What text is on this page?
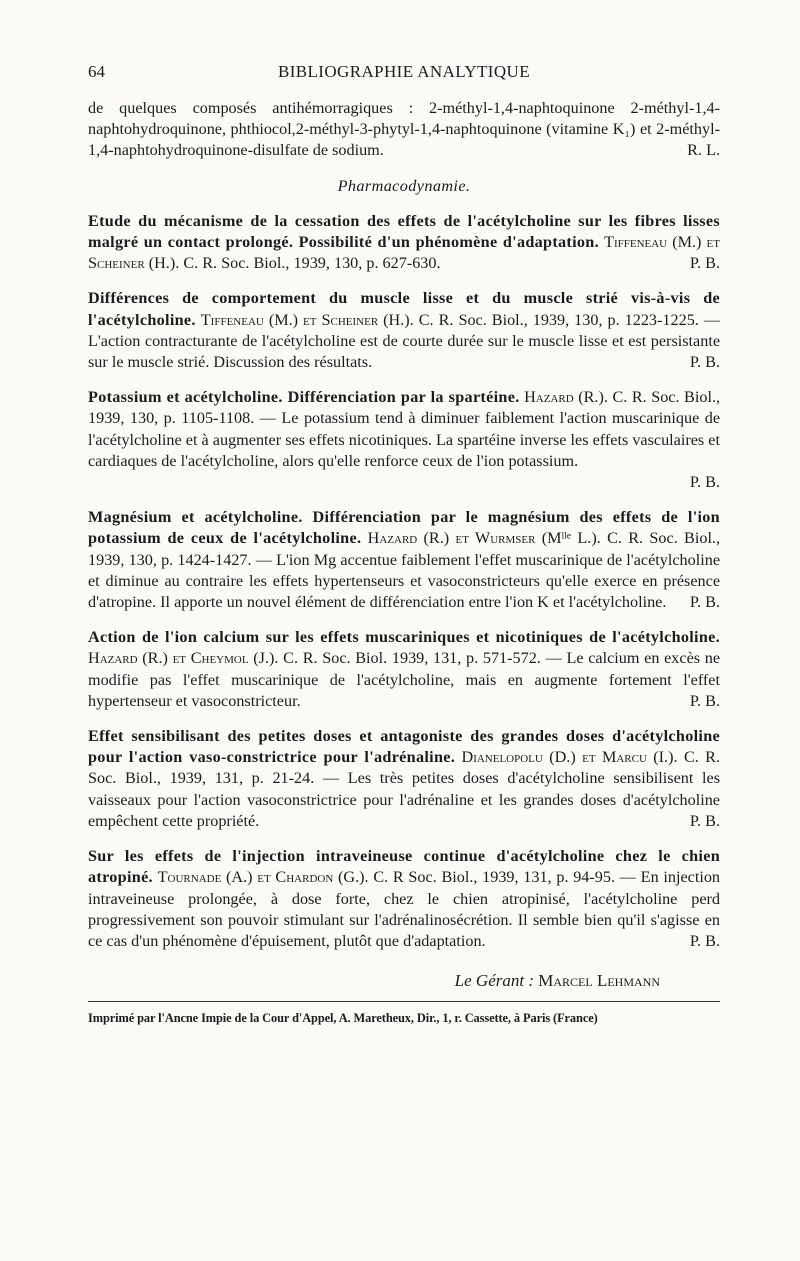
64	BIBLIOGRAPHIE ANALYTIQUE

de quelques composés antihémorragiques : 2-méthyl-1,4-naphtoquinone 2-méthyl-1,4-naphtohydroquinone, phthiocol,2-méthyl-3-phytyl-1,4-naphtoquinone (vitamine K₁) et 2-méthyl-1,4-naphtohydroquinone-disulfate de sodium.	R. L.

Pharmacodynamie.

Etude du mécanisme de la cessation des effets de l'acétylcholine sur les fibres lisses malgré un contact prolongé. Possibilité d'un phénomène d'adaptation. Tiffeneau (M.) et Scheiner (H.). C. R. Soc. Biol., 1939, 130, p. 627-630.	P. B.

Différences de comportement du muscle lisse et du muscle strié vis-à-vis de l'acétylcholine. Tiffeneau (M.) et Scheiner (H.). C. R. Soc. Biol., 1939, 130, p. 1223-1225. — L'action contracturante de l'acétylcholine est de courte durée sur le muscle lisse et est persistante sur le muscle strié. Discussion des résultats.	P. B.

Potassium et acétylcholine. Différenciation par la spartéine. Hazard (R.). C. R. Soc. Biol., 1939, 130, p. 1105-1108. — Le potassium tend à diminuer faiblement l'action muscarinique de l'acétylcholine et à augmenter ses effets nicotiniques. La spartéine inverse les effets vasculaires et cardiaques de l'acétylcholine, alors qu'elle renforce ceux de l'ion potassium.

P. B.

Magnésium et acétylcholine. Différenciation par le magnésium des effets de l'ion potassium de ceux de l'acétylcholine. Hazard (R.) et Wurmser (Mˡˡᵉ L.). C. R. Soc. Biol., 1939, 130, p. 1424-1427. — L'ion Mg accentue faiblement l'effet muscarinique de l'acétylcholine et diminue au contraire les effets hypertenseurs et vasoconstricteurs qu'elle exerce en présence d'atropine. Il apporte un nouvel élément de différenciation entre l'ion K et l'acétylcholine. P. B.

Action de l'ion calcium sur les effets muscariniques et nicotiniques de l'acétylcholine. Hazard (R.) et Cheymol (J.). C. R. Soc. Biol. 1939, 131, p. 571-572. — Le calcium en excès ne modifie pas l'effet muscarinique de l'acétylcholine, mais en augmente fortement l'effet hypertenseur et vasoconstricteur.	P. B.

Effet sensibilisant des petites doses et antagoniste des grandes doses d'acétylcholine pour l'action vaso-constrictrice pour l'adrénaline. Dianelopolu (D.) et Marcu (I.). C. R. Soc. Biol., 1939, 131, p. 21-24. — Les très petites doses d'acétylcholine sensibilisent les vaisseaux pour l'action vasoconstrictrice pour l'adrénaline et les grandes doses d'acétylcholine empêchent cette propriété.	P. B.

Sur les effets de l'injection intraveineuse continue d'acétylcholine chez le chien atropiné. Tournade (A.) et Chardon (G.). C. R Soc. Biol., 1939, 131, p. 94-95. — En injection intraveineuse prolongée, à dose forte, chez le chien atropinisé, l'acétylcholine perd progressivement son pouvoir stimulant sur l'adrénalinosécrétion. Il semble bien qu'il s'agisse en ce cas d'un phénomène d'épuisement, plutôt que d'adaptation.	P. B.

Le Gérant : Marcel Lehmann
Imprimé par l'Ancne Impie de la Cour d'Appel, A. Maretheux, Dir., 1, r. Cassette, à Paris (France)
